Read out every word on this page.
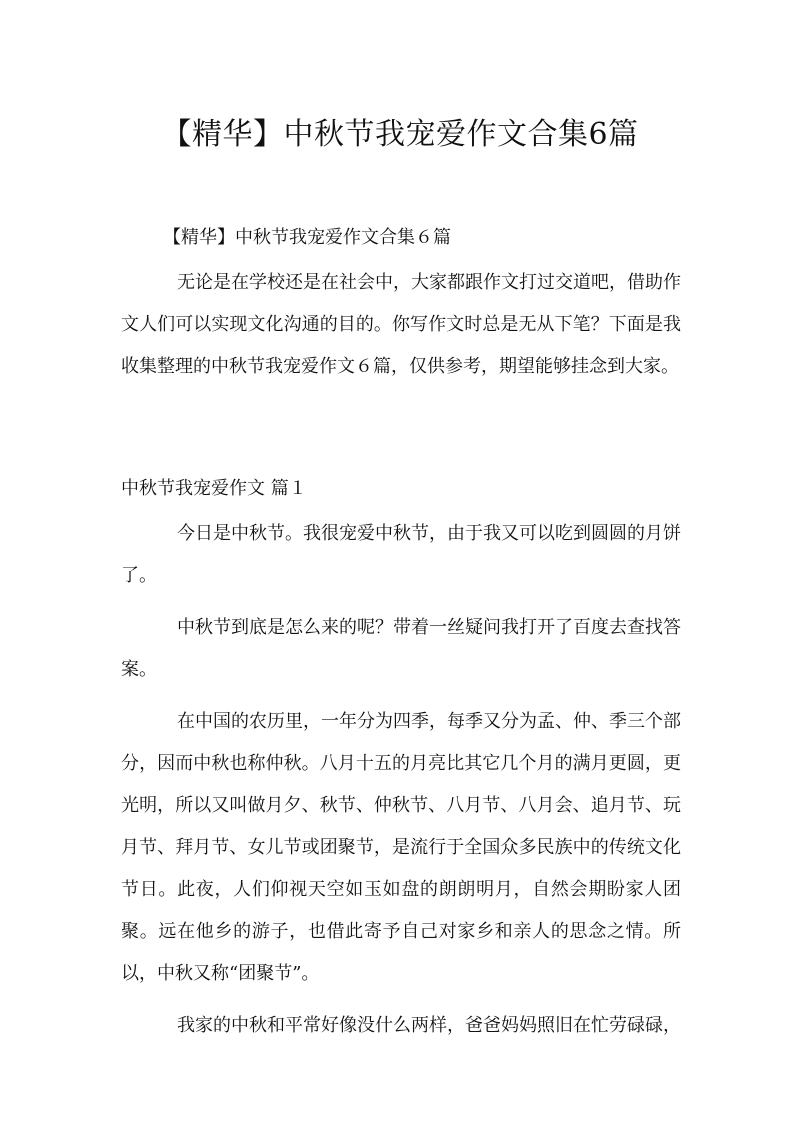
【精华】中秋节我宠爱作文合集6篇
【精华】中秋节我宠爱作文合集６篇

无论是在学校还是在社会中，大家都跟作文打过交道吧，借助作文人们可以实现文化沟通的目的。你写作文时总是无从下笔？下面是我收集整理的中秋节我宠爱作文６篇，仅供参考，期望能够挂念到大家。

中秋节我宠爱作文 篇１

今日是中秋节。我很宠爱中秋节，由于我又可以吃到圆圆的月饼了。

中秋节到底是怎么来的呢？带着一丝疑问我打开了百度去查找答案。

在中国的农历里，一年分为四季，每季又分为孟、仲、季三个部分，因而中秋也称仲秋。八月十五的月亮比其它几个月的满月更圆，更光明，所以又叫做月夕、秋节、仲秋节、八月节、八月会、追月节、玩月节、拜月节、女儿节或团聚节，是流行于全国众多民族中的传统文化节日。此夜，人们仰视天空如玉如盘的朗朗明月，自然会期盼家人团聚。远在他乡的游子，也借此寄予自己对家乡和亲人的思念之情。所以，中秋又称“团聚节”。

我家的中秋和平常好像没什么两样，爸爸妈妈照旧在忙劳碌碌，
